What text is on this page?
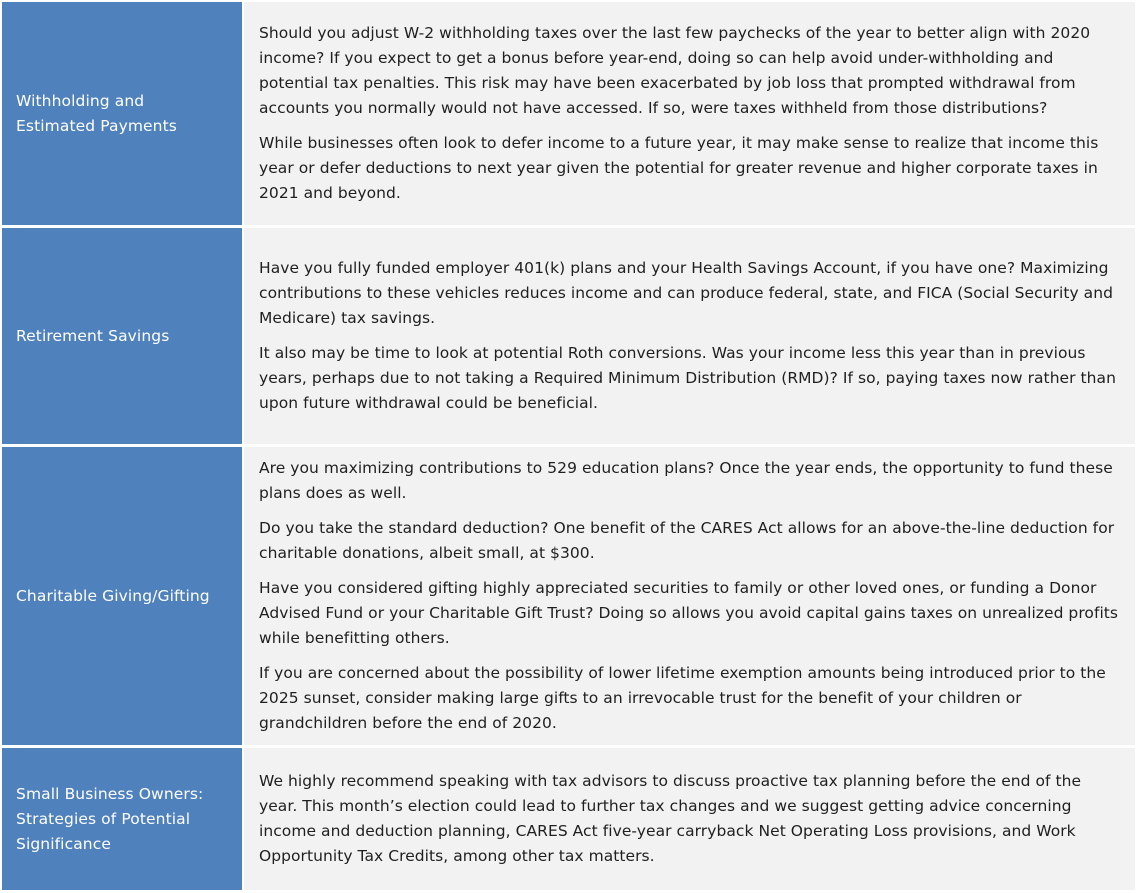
Withholding and Estimated Payments

Should you adjust W-2 withholding taxes over the last few paychecks of the year to better align with 2020 income? If you expect to get a bonus before year-end, doing so can help avoid under-withholding and potential tax penalties. This risk may have been exacerbated by job loss that prompted withdrawal from accounts you normally would not have accessed. If so, were taxes withheld from those distributions?

While businesses often look to defer income to a future year, it may make sense to realize that income this year or defer deductions to next year given the potential for greater revenue and higher corporate taxes in 2021 and beyond.

Retirement Savings

Have you fully funded employer 401(k) plans and your Health Savings Account, if you have one? Maximizing contributions to these vehicles reduces income and can produce federal, state, and FICA (Social Security and Medicare) tax savings.

It also may be time to look at potential Roth conversions. Was your income less this year than in previous years, perhaps due to not taking a Required Minimum Distribution (RMD)? If so, paying taxes now rather than upon future withdrawal could be beneficial.

Charitable Giving/Gifting

Are you maximizing contributions to 529 education plans? Once the year ends, the opportunity to fund these plans does as well.

Do you take the standard deduction? One benefit of the CARES Act allows for an above-the-line deduction for charitable donations, albeit small, at $300.

Have you considered gifting highly appreciated securities to family or other loved ones, or funding a Donor Advised Fund or your Charitable Gift Trust? Doing so allows you avoid capital gains taxes on unrealized profits while benefitting others.

If you are concerned about the possibility of lower lifetime exemption amounts being introduced prior to the 2025 sunset, consider making large gifts to an irrevocable trust for the benefit of your children or grandchildren before the end of 2020.

Small Business Owners: Strategies of Potential Significance

We highly recommend speaking with tax advisors to discuss proactive tax planning before the end of the year. This month’s election could lead to further tax changes and we suggest getting advice concerning income and deduction planning, CARES Act five-year carryback Net Operating Loss provisions, and Work Opportunity Tax Credits, among other tax matters.
